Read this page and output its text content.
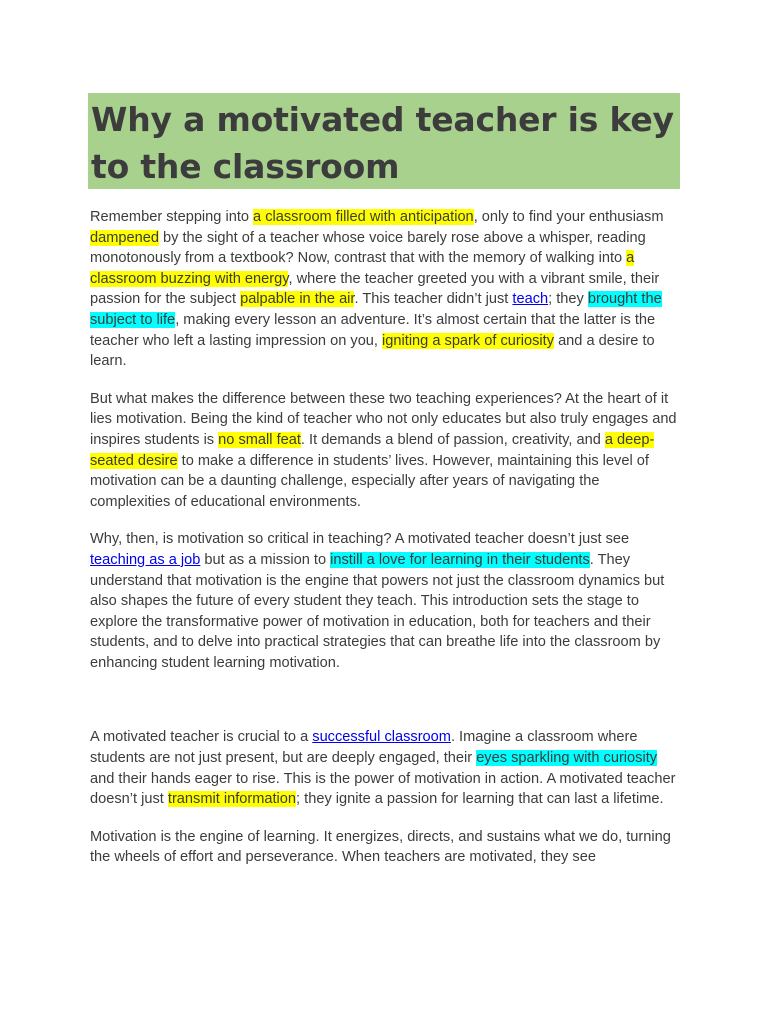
Why a motivated teacher is key to the classroom

Remember stepping into a classroom filled with anticipation, only to find your enthusiasm dampened by the sight of a teacher whose voice barely rose above a whisper, reading monotonously from a textbook? Now, contrast that with the memory of walking into a classroom buzzing with energy, where the teacher greeted you with a vibrant smile, their passion for the subject palpable in the air. This teacher didn’t just teach; they brought the subject to life, making every lesson an adventure. It’s almost certain that the latter is the teacher who left a lasting impression on you, igniting a spark of curiosity and a desire to learn.

But what makes the difference between these two teaching experiences? At the heart of it lies motivation. Being the kind of teacher who not only educates but also truly engages and inspires students is no small feat. It demands a blend of passion, creativity, and a deep-seated desire to make a difference in students’ lives. However, maintaining this level of motivation can be a daunting challenge, especially after years of navigating the complexities of educational environments.

Why, then, is motivation so critical in teaching? A motivated teacher doesn’t just see teaching as a job but as a mission to instill a love for learning in their students. They understand that motivation is the engine that powers not just the classroom dynamics but also shapes the future of every student they teach. This introduction sets the stage to explore the transformative power of motivation in education, both for teachers and their students, and to delve into practical strategies that can breathe life into the classroom by enhancing student learning motivation.

A motivated teacher is crucial to a successful classroom. Imagine a classroom where students are not just present, but are deeply engaged, their eyes sparkling with curiosity and their hands eager to rise. This is the power of motivation in action. A motivated teacher doesn’t just transmit information; they ignite a passion for learning that can last a lifetime.

Motivation is the engine of learning. It energizes, directs, and sustains what we do, turning the wheels of effort and perseverance. When teachers are motivated, they see
